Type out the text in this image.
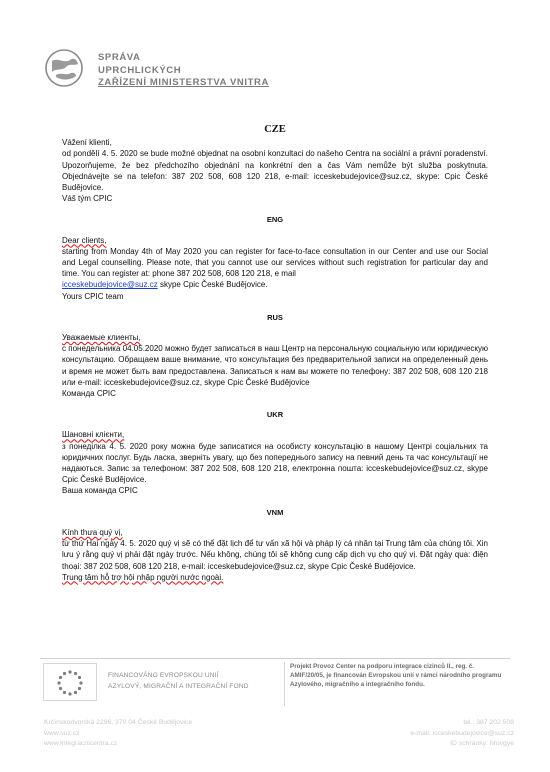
SPRÁVA
UPRCHLICKÝCH
ZAŘÍZENÍ MINISTERSTVA VNITRA
CZE

Vážení klienti,

od pondělí 4. 5. 2020 se bude možné objednat na osobní konzultaci do našeho Centra na sociální a právní poradenství. Upozorňujeme, že bez předchozího objednání na konkrétní den a čas Vám nemůže být služba poskytnuta. Objednávejte se na telefon: 387 202 508, 608 120 218, e-mail: icceskebudejovice@suz.cz, skype: Cpic České Budějovice.

Váš tým CPIC

ENG

Dear clients,

starting from Monday 4th of May 2020 you can register for face-to-face consultation in our Center and use our Social and Legal counselling. Please note, that you cannot use our services without such registration for particular day and time. You can register at: phone 387 202 508, 608 120 218, e mail
icceskebudejovice@suz.cz skype Cpic České Budějovice.

Yours CPIC team

RUS

Уважаемые клиенты,

с понедельника 04.05.2020 можно будет записаться в наш Центр на персональную социальную или юридическую консультацию. Обращаем ваше внимание, что консультация без предварительной записи на определенный день и время не может быть вам предоставлена. Записаться к нам вы можете по телефону: 387 202 508, 608 120 218 или e-mail: icceskebudejovice@suz.cz, skype Cpic České Budějovice

Команда CPIC

UKR

Шановні клієнти,

з понеділка 4. 5. 2020 року можна буде записатися на особисту консультацію в нашому Центрі соціальних та юридичних послуг. Будь ласка, зверніть увагу, що без попереднього запису на певний день та час консультації не надаються. Запис за телефоном: 387 202 508, 608 120 218, електронна пошта: icceskebudejovice@suz.cz, skype Cpic České Budějovice.

Ваша команда CPIC

VNM

Kính thưa quý vị,

từ thứ Hai ngày 4. 5. 2020 quý vị sẽ có thể đặt lịch để tư vấn xã hội và pháp lý cá nhân tại Trung tâm của chúng tôi. Xin lưu ý rằng quý vị phải đặt ngày trước. Nếu không, chúng tôi sẽ không cung cấp dịch vụ cho quý vị. Đặt ngày qua: điện thoại: 387 202 508, 608 120 218, e-mail: icceskebudejovice@suz.cz, skype Cpic České Budějovice.

Trung tâm hỗ trợ hội nhập người nước ngoài.

FINANCOVÁNO EVROPSKOU UNIÍ
AZYLOVÝ, MIGRAČNÍ A INTEGRAČNÍ FOND
Projekt Provoz Center na podporu integrace cizinců II., reg. č. AMIF/20/05, je financován Evropskou unií v rámci národního programu Azylového, migračního a integračního fondu.
Krčínskodvorská 2296, 370 04 České Budějovice
www.suz.cz
www.integracnicentra.cz
tel.: 387 202 508
e-mail: icceskebudejovice@suz.cz
ID schránky: hruvgye
